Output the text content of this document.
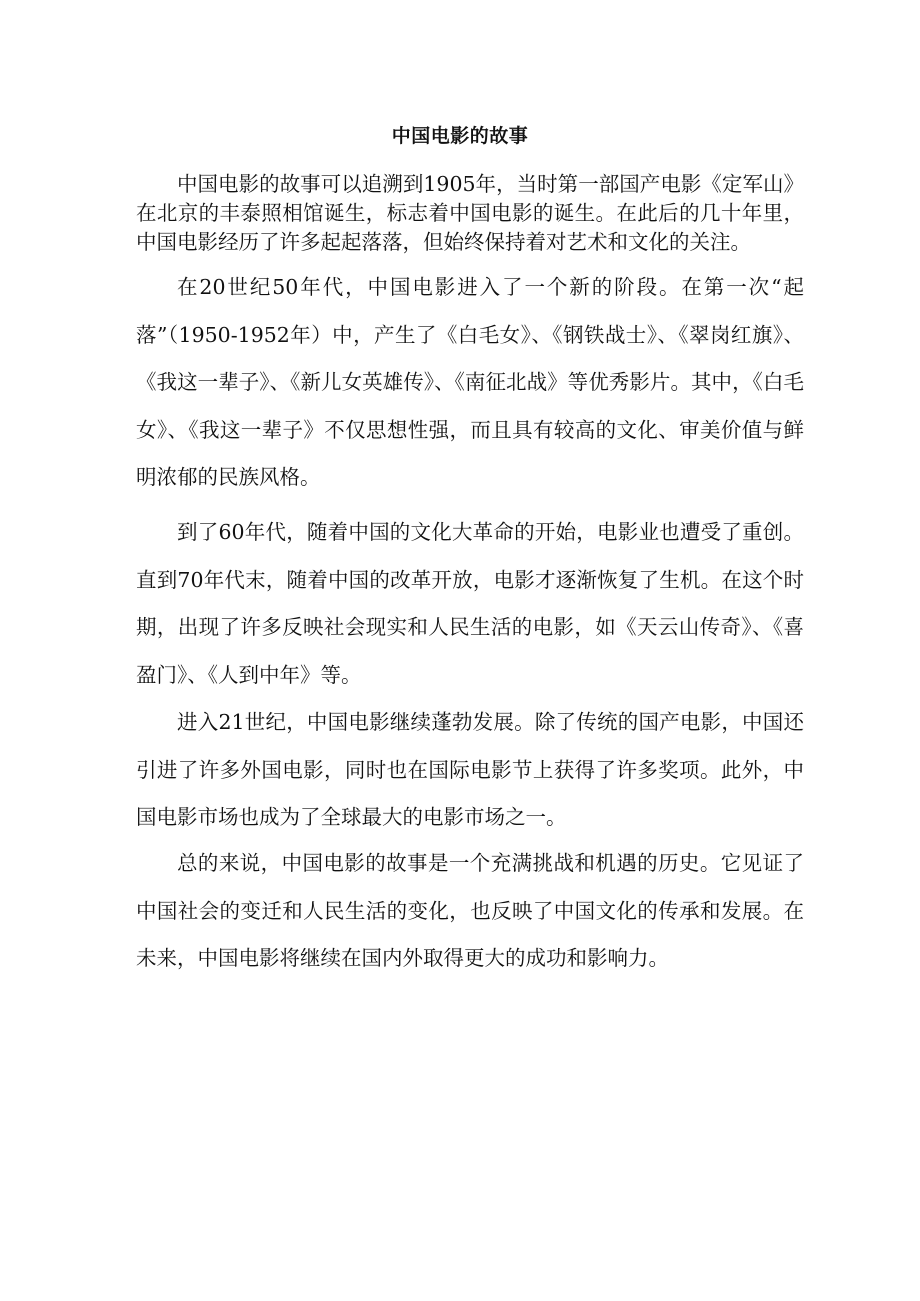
中国电影的故事

中国电影的故事可以追溯到1905年，当时第一部国产电影《定军山》在北京的丰泰照相馆诞生，标志着中国电影的诞生。在此后的几十年里，中国电影经历了许多起起落落，但始终保持着对艺术和文化的关注。

在20世纪50年代，中国电影进入了一个新的阶段。在第一次“起落”（1950-1952年）中，产生了《白毛女》、《钢铁战士》、《翠岗红旗》、《我这一辈子》、《新儿女英雄传》、《南征北战》等优秀影片。其中，《白毛女》、《我这一辈子》不仅思想性强，而且具有较高的文化、审美价值与鲜明浓郁的民族风格。

到了60年代，随着中国的文化大革命的开始，电影业也遭受了重创。直到70年代末，随着中国的改革开放，电影才逐渐恢复了生机。在这个时期，出现了许多反映社会现实和人民生活的电影，如《天云山传奇》、《喜盈门》、《人到中年》等。

进入21世纪，中国电影继续蓬勃发展。除了传统的国产电影，中国还引进了许多外国电影，同时也在国际电影节上获得了许多奖项。此外，中国电影市场也成为了全球最大的电影市场之一。

总的来说，中国电影的故事是一个充满挑战和机遇的历史。它见证了中国社会的变迁和人民生活的变化，也反映了中国文化的传承和发展。在未来，中国电影将继续在国内外取得更大的成功和影响力。
